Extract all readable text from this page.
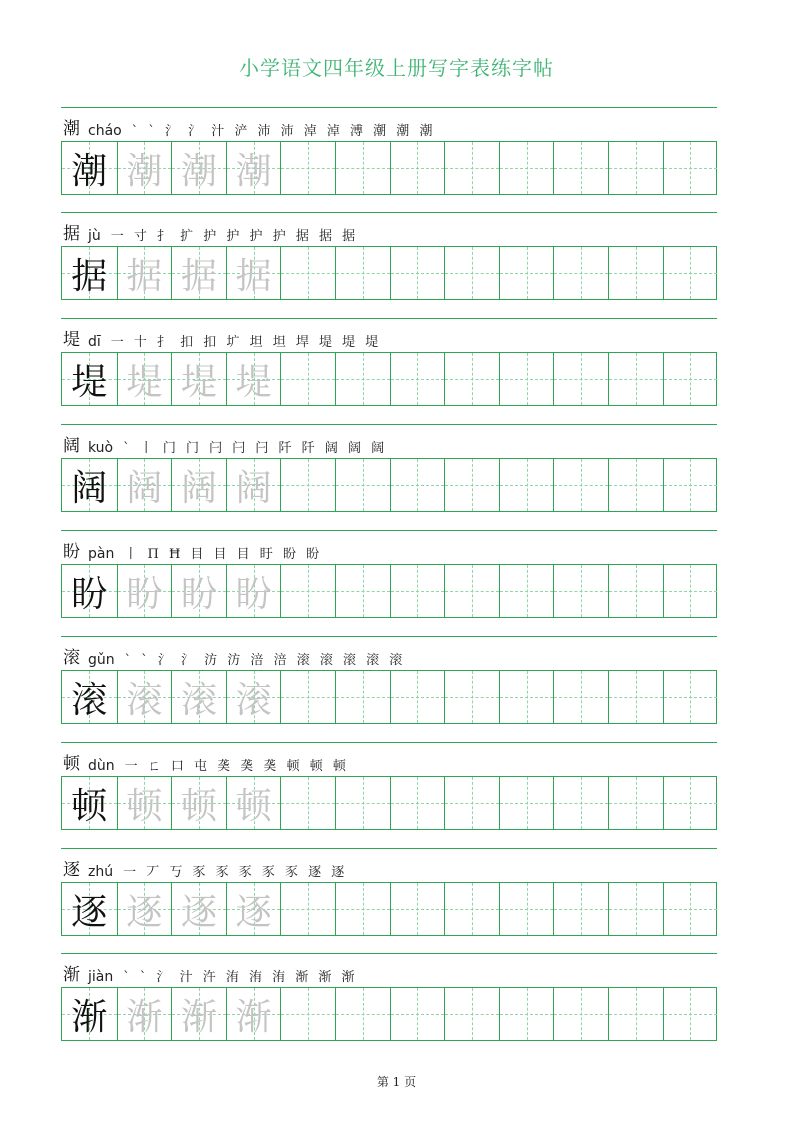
小学语文四年级上册写字表练字帖
潮 cháo ` ˋ 氵 氵 汁 浐 沛 沛 淖 淖 溥 潮 潮 潮
潮 潮 潮 潮
据 jù 一 寸 扌 扩 护 护 护 护 据 据 据
据 据 据 据
堤 dī 一 十 扌 扣 扣 圹 坦 坦 垾 堤 堤 堤
堤 堤 堤 堤
阔 kuò ` 丨 门 门 闩 闩 闩 阡 阡 阔 阔 阔
阔 阔 阔 阔
盼 pàn 丨 Π Ħ 目 目 目 盱 盼 盼
盼 盼 盼 盼
滚 gǔn ` ˋ 氵 氵 汸 汸 涪 涪 滚 滚 滚 滚 滚
滚 滚 滚 滚
顿 dùn 一 ㄈ 口 屯 䶮 䶮 䶮 顿 顿 顿
顿 顿 顿 顿
逐 zhú 一 丆 丂 豕 豕 豕 豕 豕 逐 逐
逐 逐 逐 逐
渐 jiàn ` ˋ 氵 汁 汻 洧 洧 洧 渐 渐 渐
渐 渐 渐 渐
第 1 页
